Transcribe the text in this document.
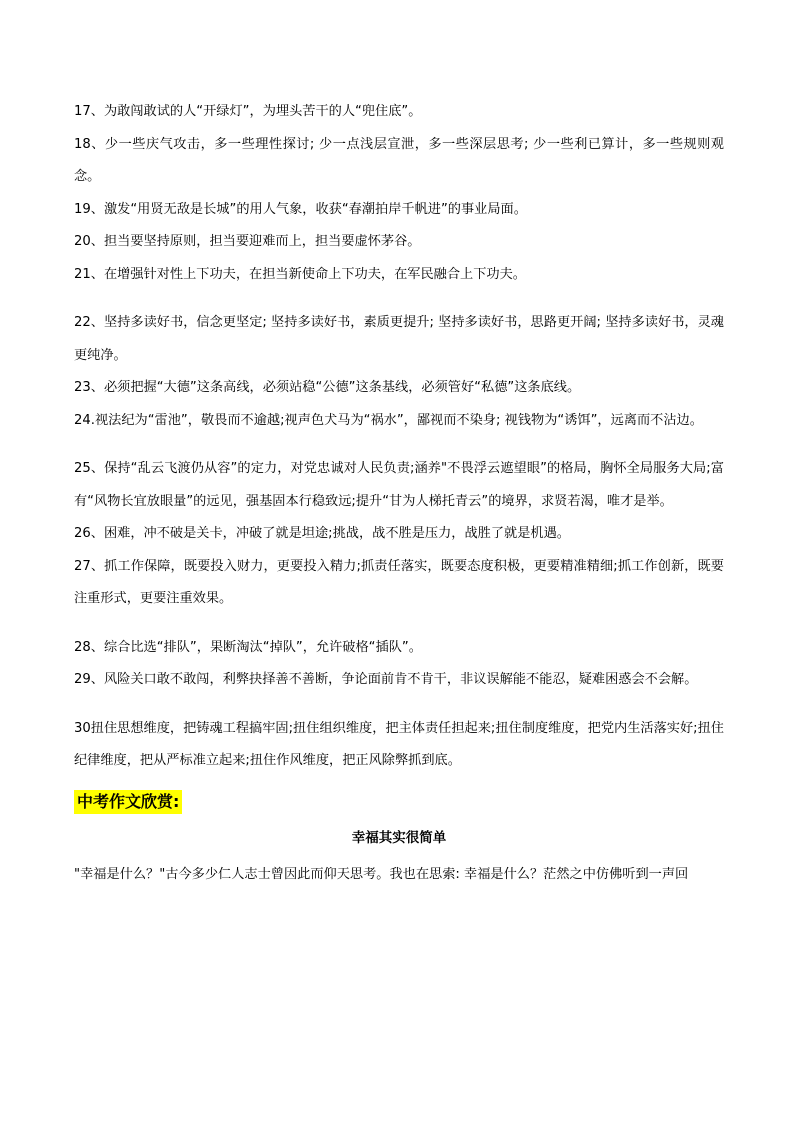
17、为敢闯敢试的人“开绿灯”，为埋头苦干的人“兜住底”。

18、少一些庆气攻击，多一些理性探讨; 少一点浅层宣泄，多一些深层思考; 少一些利已算计，多一些规则观念。

19、激发“用贤无敌是长城”的用人气象，收获“春潮拍岸千帆进”的事业局面。

20、担当要坚持原则，担当要迎难而上，担当要虚怀茅谷。

21、在增强针对性上下功夫，在担当新使命上下功夫，在军民融合上下功夫。

22、坚持多读好书，信念更坚定; 坚持多读好书，素质更提升; 坚持多读好书，思路更开阔; 坚持多读好书，灵魂更纯净。

23、必须把握“大德”这条高线，必须站稳“公德”这条基线，必须管好“私德”这条底线。

24.视法纪为“雷池”，敬畏而不逾越;视声色犬马为“祸水”，鄙视而不染身; 视钱物为“诱饵”，远离而不沾边。

25、保持“乱云飞渡仍从容”的定力，对党忠诚对人民负责;涵养"不畏浮云遮望眼”的格局，胸怀全局服务大局;富有“风物长宜放眼量”的远见，强基固本行稳致远;提升“甘为人梯托青云”的境界，求贤若渴，唯才是举。

26、困难，冲不破是关卡，冲破了就是坦途;挑战，战不胜是压力，战胜了就是机遇。

27、抓工作保障，既要投入财力，更要投入精力;抓责任落实，既要态度积极，更要精准精细;抓工作创新，既要注重形式，更要注重效果。

28、综合比选“排队”，果断淘汰“掉队”，允许破格“插队”。

29、风险关口敢不敢闯，利弊抉择善不善断，争论面前肯不肯干，非议误解能不能忍，疑难困惑会不会解。

30扭住思想维度，把铸魂工程搞牢固;扭住组织维度，把主体责任担起来;扭住制度维度，把党内生活落实好;扭住纪律维度，把从严标准立起来;扭住作风维度，把正风除弊抓到底。

中考作文欣赏:
幸福其实很简单

"幸福是什么？"古今多少仁人志士曾因此而仰天思考。我也在思索: 幸福是什么？茫然之中仿佛听到一声回
